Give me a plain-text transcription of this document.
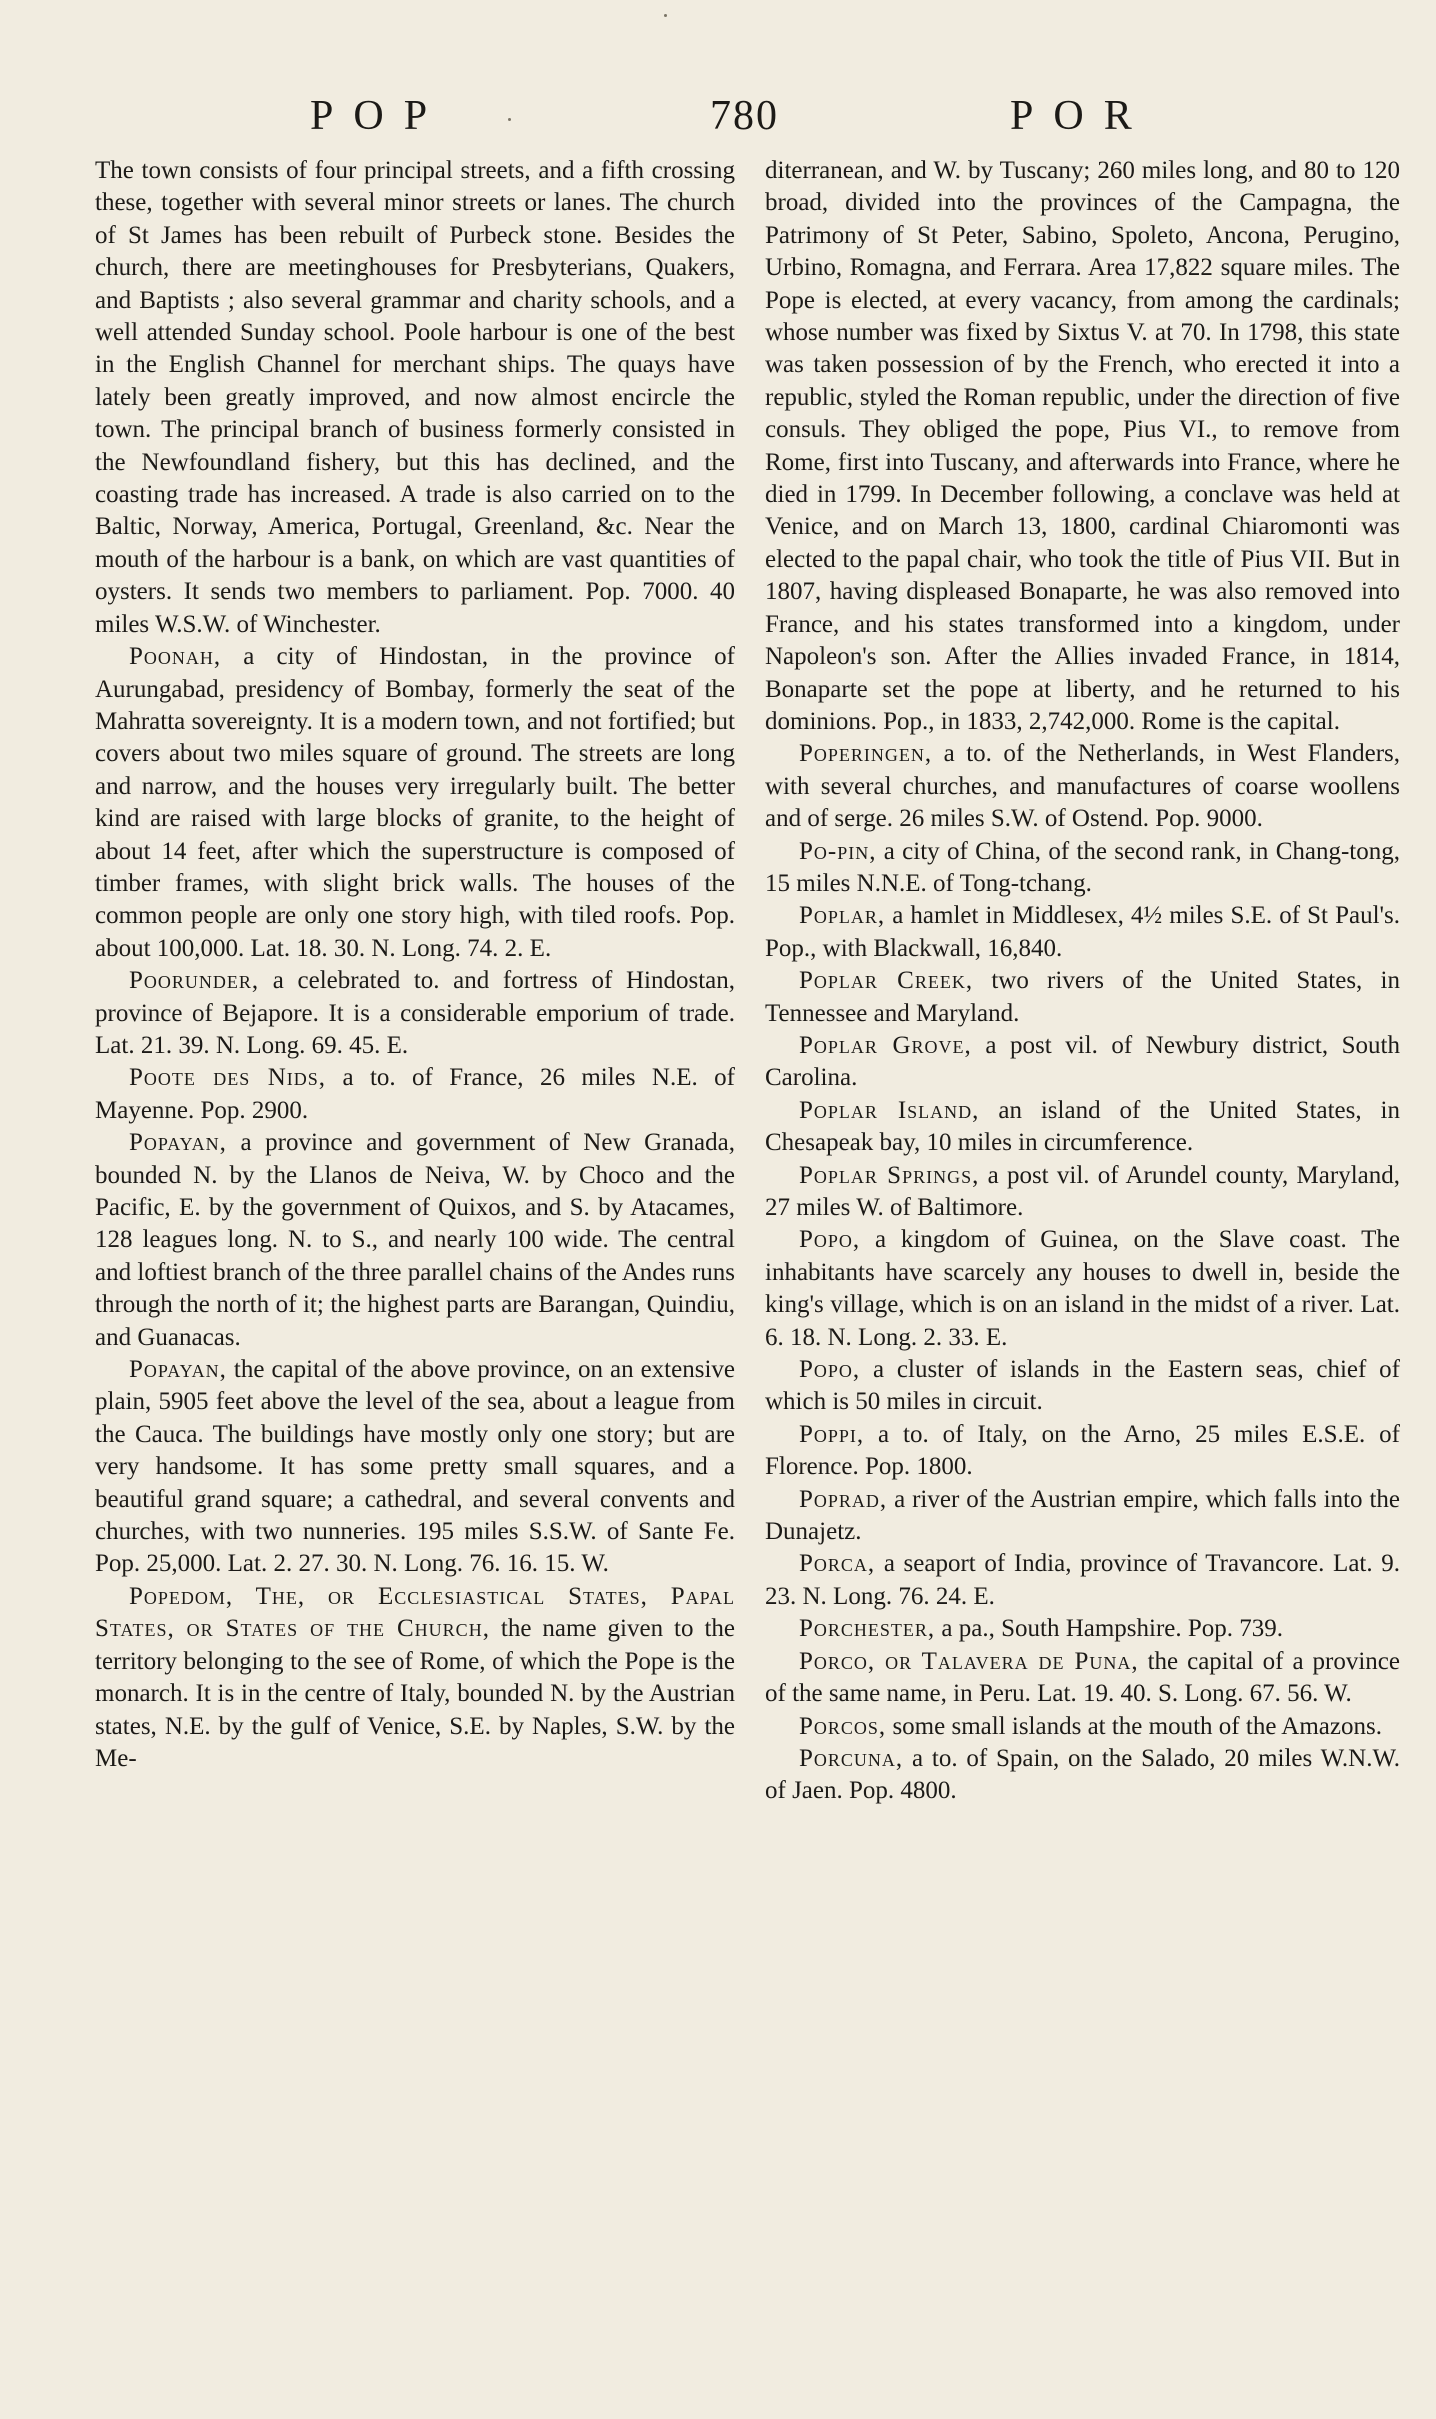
POP	780	POR

The town consists of four principal streets, and a fifth crossing these, together with several minor streets or lanes. The church of St James has been rebuilt of Purbeck stone. Besides the church, there are meetinghouses for Presbyterians, Quakers, and Baptists ; also several grammar and charity schools, and a well attended Sunday school. Poole harbour is one of the best in the English Channel for merchant ships. The quays have lately been greatly improved, and now almost encircle the town. The principal branch of business formerly consisted in the Newfoundland fishery, but this has declined, and the coasting trade has increased. A trade is also carried on to the Baltic, Norway, America, Portugal, Greenland, &c. Near the mouth of the harbour is a bank, on which are vast quantities of oysters. It sends two members to parliament. Pop. 7000. 40 miles W.S.W. of Winchester.

Poonah, a city of Hindostan, in the province of Aurungabad, presidency of Bombay, formerly the seat of the Mahratta sovereignty. It is a modern town, and not fortified; but covers about two miles square of ground. The streets are long and narrow, and the houses very irregularly built. The better kind are raised with large blocks of granite, to the height of about 14 feet, after which the superstructure is composed of timber frames, with slight brick walls. The houses of the common people are only one story high, with tiled roofs. Pop. about 100,000. Lat. 18. 30. N. Long. 74. 2. E.

Poorunder, a celebrated to. and fortress of Hindostan, province of Bejapore. It is a considerable emporium of trade. Lat. 21. 39. N. Long. 69. 45. E.

Poote des Nids, a to. of France, 26 miles N.E. of Mayenne. Pop. 2900.

Popayan, a province and government of New Granada, bounded N. by the Llanos de Neiva, W. by Choco and the Pacific, E. by the government of Quixos, and S. by Atacames, 128 leagues long. N. to S., and nearly 100 wide. The central and loftiest branch of the three parallel chains of the Andes runs through the north of it; the highest parts are Barangan, Quindiu, and Guanacas.

Popayan, the capital of the above province, on an extensive plain, 5905 feet above the level of the sea, about a league from the Cauca. The buildings have mostly only one story; but are very handsome. It has some pretty small squares, and a beautiful grand square; a cathedral, and several convents and churches, with two nunneries. 195 miles S.S.W. of Sante Fe. Pop. 25,000. Lat. 2. 27. 30. N. Long. 76. 16. 15. W.

Popedom, The, or Ecclesiastical States, Papal States, or States of the Church, the name given to the territory belonging to the see of Rome, of which the Pope is the monarch. It is in the centre of Italy, bounded N. by the Austrian states, N.E. by the gulf of Venice, S.E. by Naples, S.W. by the Me-

diterranean, and W. by Tuscany; 260 miles long, and 80 to 120 broad, divided into the provinces of the Campagna, the Patrimony of St Peter, Sabino, Spoleto, Ancona, Perugino, Urbino, Romagna, and Ferrara. Area 17,822 square miles. The Pope is elected, at every vacancy, from among the cardinals; whose number was fixed by Sixtus V. at 70. In 1798, this state was taken possession of by the French, who erected it into a republic, styled the Roman republic, under the direction of five consuls. They obliged the pope, Pius VI., to remove from Rome, first into Tuscany, and afterwards into France, where he died in 1799. In December following, a conclave was held at Venice, and on March 13, 1800, cardinal Chiaromonti was elected to the papal chair, who took the title of Pius VII. But in 1807, having displeased Bonaparte, he was also removed into France, and his states transformed into a kingdom, under Napoleon's son. After the Allies invaded France, in 1814, Bonaparte set the pope at liberty, and he returned to his dominions. Pop., in 1833, 2,742,000. Rome is the capital.

Poperingen, a to. of the Netherlands, in West Flanders, with several churches, and manufactures of coarse woollens and of serge. 26 miles S.W. of Ostend. Pop. 9000.

Po-pin, a city of China, of the second rank, in Chang-tong, 15 miles N.N.E. of Tong-tchang.

Poplar, a hamlet in Middlesex, 4½ miles S.E. of St Paul's. Pop., with Blackwall, 16,840.

Poplar Creek, two rivers of the United States, in Tennessee and Maryland.

Poplar Grove, a post vil. of Newbury district, South Carolina.

Poplar Island, an island of the United States, in Chesapeak bay, 10 miles in circumference.

Poplar Springs, a post vil. of Arundel county, Maryland, 27 miles W. of Baltimore.

Popo, a kingdom of Guinea, on the Slave coast. The inhabitants have scarcely any houses to dwell in, beside the king's village, which is on an island in the midst of a river. Lat. 6. 18. N. Long. 2. 33. E.

Popo, a cluster of islands in the Eastern seas, chief of which is 50 miles in circuit.

Poppi, a to. of Italy, on the Arno, 25 miles E.S.E. of Florence. Pop. 1800.

Poprad, a river of the Austrian empire, which falls into the Dunajetz.

Porca, a seaport of India, province of Travancore. Lat. 9. 23. N. Long. 76. 24. E.

Porchester, a pa., South Hampshire. Pop. 739.

Porco, or Talavera de Puna, the capital of a province of the same name, in Peru. Lat. 19. 40. S. Long. 67. 56. W.

Porcos, some small islands at the mouth of the Amazons.

Porcuna, a to. of Spain, on the Salado, 20 miles W.N.W. of Jaen. Pop. 4800.
